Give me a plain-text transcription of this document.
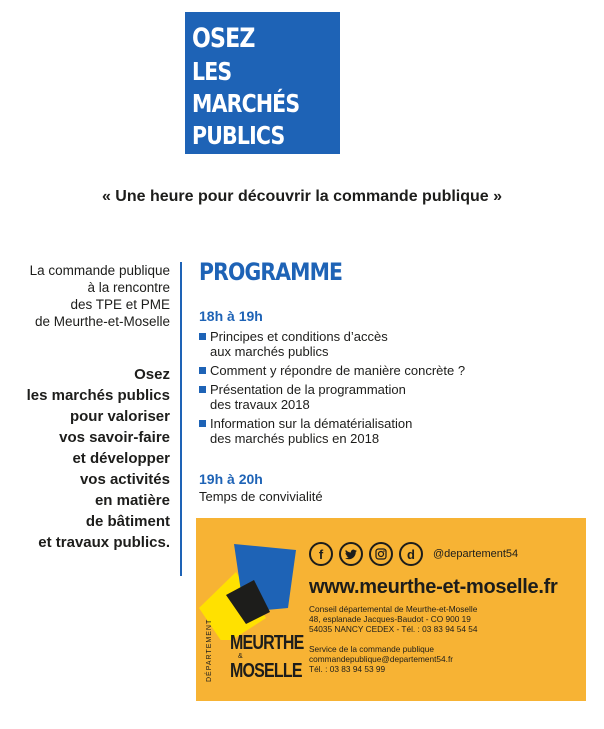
OSEZ
LES MARCHÉS
PUBLICS
« Une heure pour découvrir la commande publique »
La commande publique
à la rencontre
des TPE et PME
de Meurthe-et-Moselle
Osez
les marchés publics
pour valoriser
vos savoir-faire
et développer
vos activités
en matière
de bâtiment
et travaux publics.
PROGRAMME
18h à 19h
Principes et conditions d’accès
aux marchés publics
Comment y répondre de manière concrète ?
Présentation de la programmation
des travaux 2018
Information sur la dématérialisation
des marchés publics en 2018
19h à 20h
Temps de convivialité
DÉPARTEMENT MEURTHE
&
MOSELLE
f	d	@departement54
www.meurthe-et-moselle.fr
Conseil départemental de Meurthe-et-Moselle
48, esplanade Jacques-Baudot - CO 900 19
54035 NANCY CEDEX - Tél. : 03 83 94 54 54
Service de la commande publique
commandepublique@departement54.fr
Tél. : 03 83 94 53 99
